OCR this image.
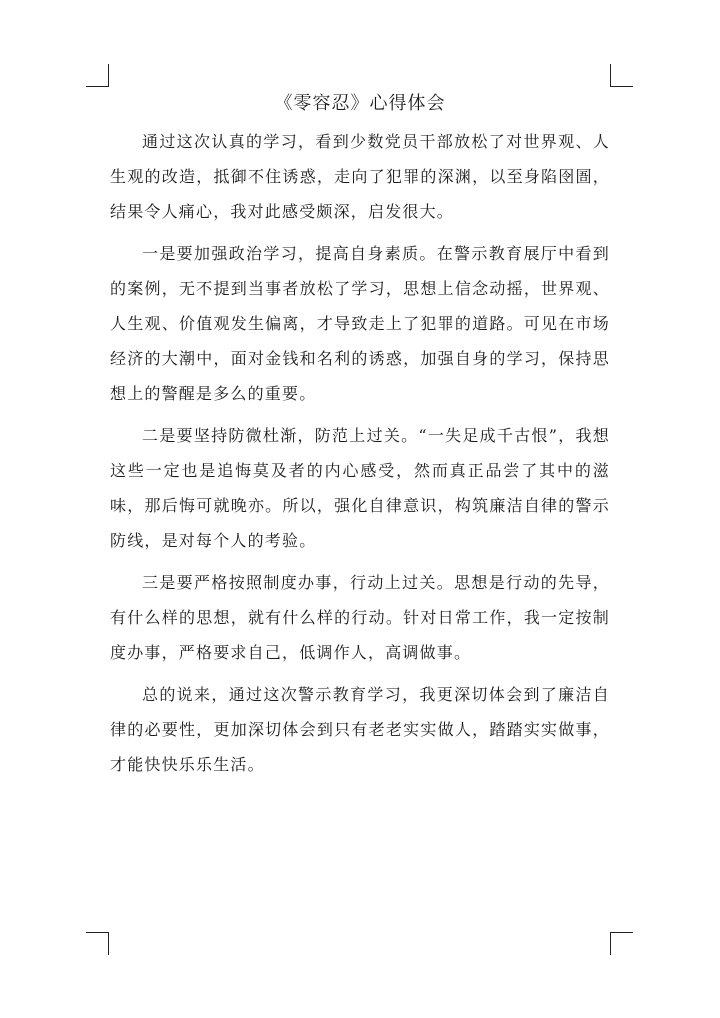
《零容忍》心得体会

通过这次认真的学习，看到少数党员干部放松了对世界观、人生观的改造，抵御不住诱惑，走向了犯罪的深渊，以至身陷囹圄，结果令人痛心，我对此感受颇深，启发很大。

一是要加强政治学习，提高自身素质。在警示教育展厅中看到的案例，无不提到当事者放松了学习，思想上信念动摇，世界观、人生观、价值观发生偏离，才导致走上了犯罪的道路。可见在市场经济的大潮中，面对金钱和名利的诱惑，加强自身的学习，保持思想上的警醒是多么的重要。

二是要坚持防微杜渐，防范上过关。“一失足成千古恨”，我想这些一定也是追悔莫及者的内心感受，然而真正品尝了其中的滋味，那后悔可就晚亦。所以，强化自律意识，构筑廉洁自律的警示防线，是对每个人的考验。

三是要严格按照制度办事，行动上过关。思想是行动的先导，有什么样的思想，就有什么样的行动。针对日常工作，我一定按制度办事，严格要求自己，低调作人，高调做事。

总的说来，通过这次警示教育学习，我更深切体会到了廉洁自律的必要性，更加深切体会到只有老老实实做人，踏踏实实做事，才能快快乐乐生活。
